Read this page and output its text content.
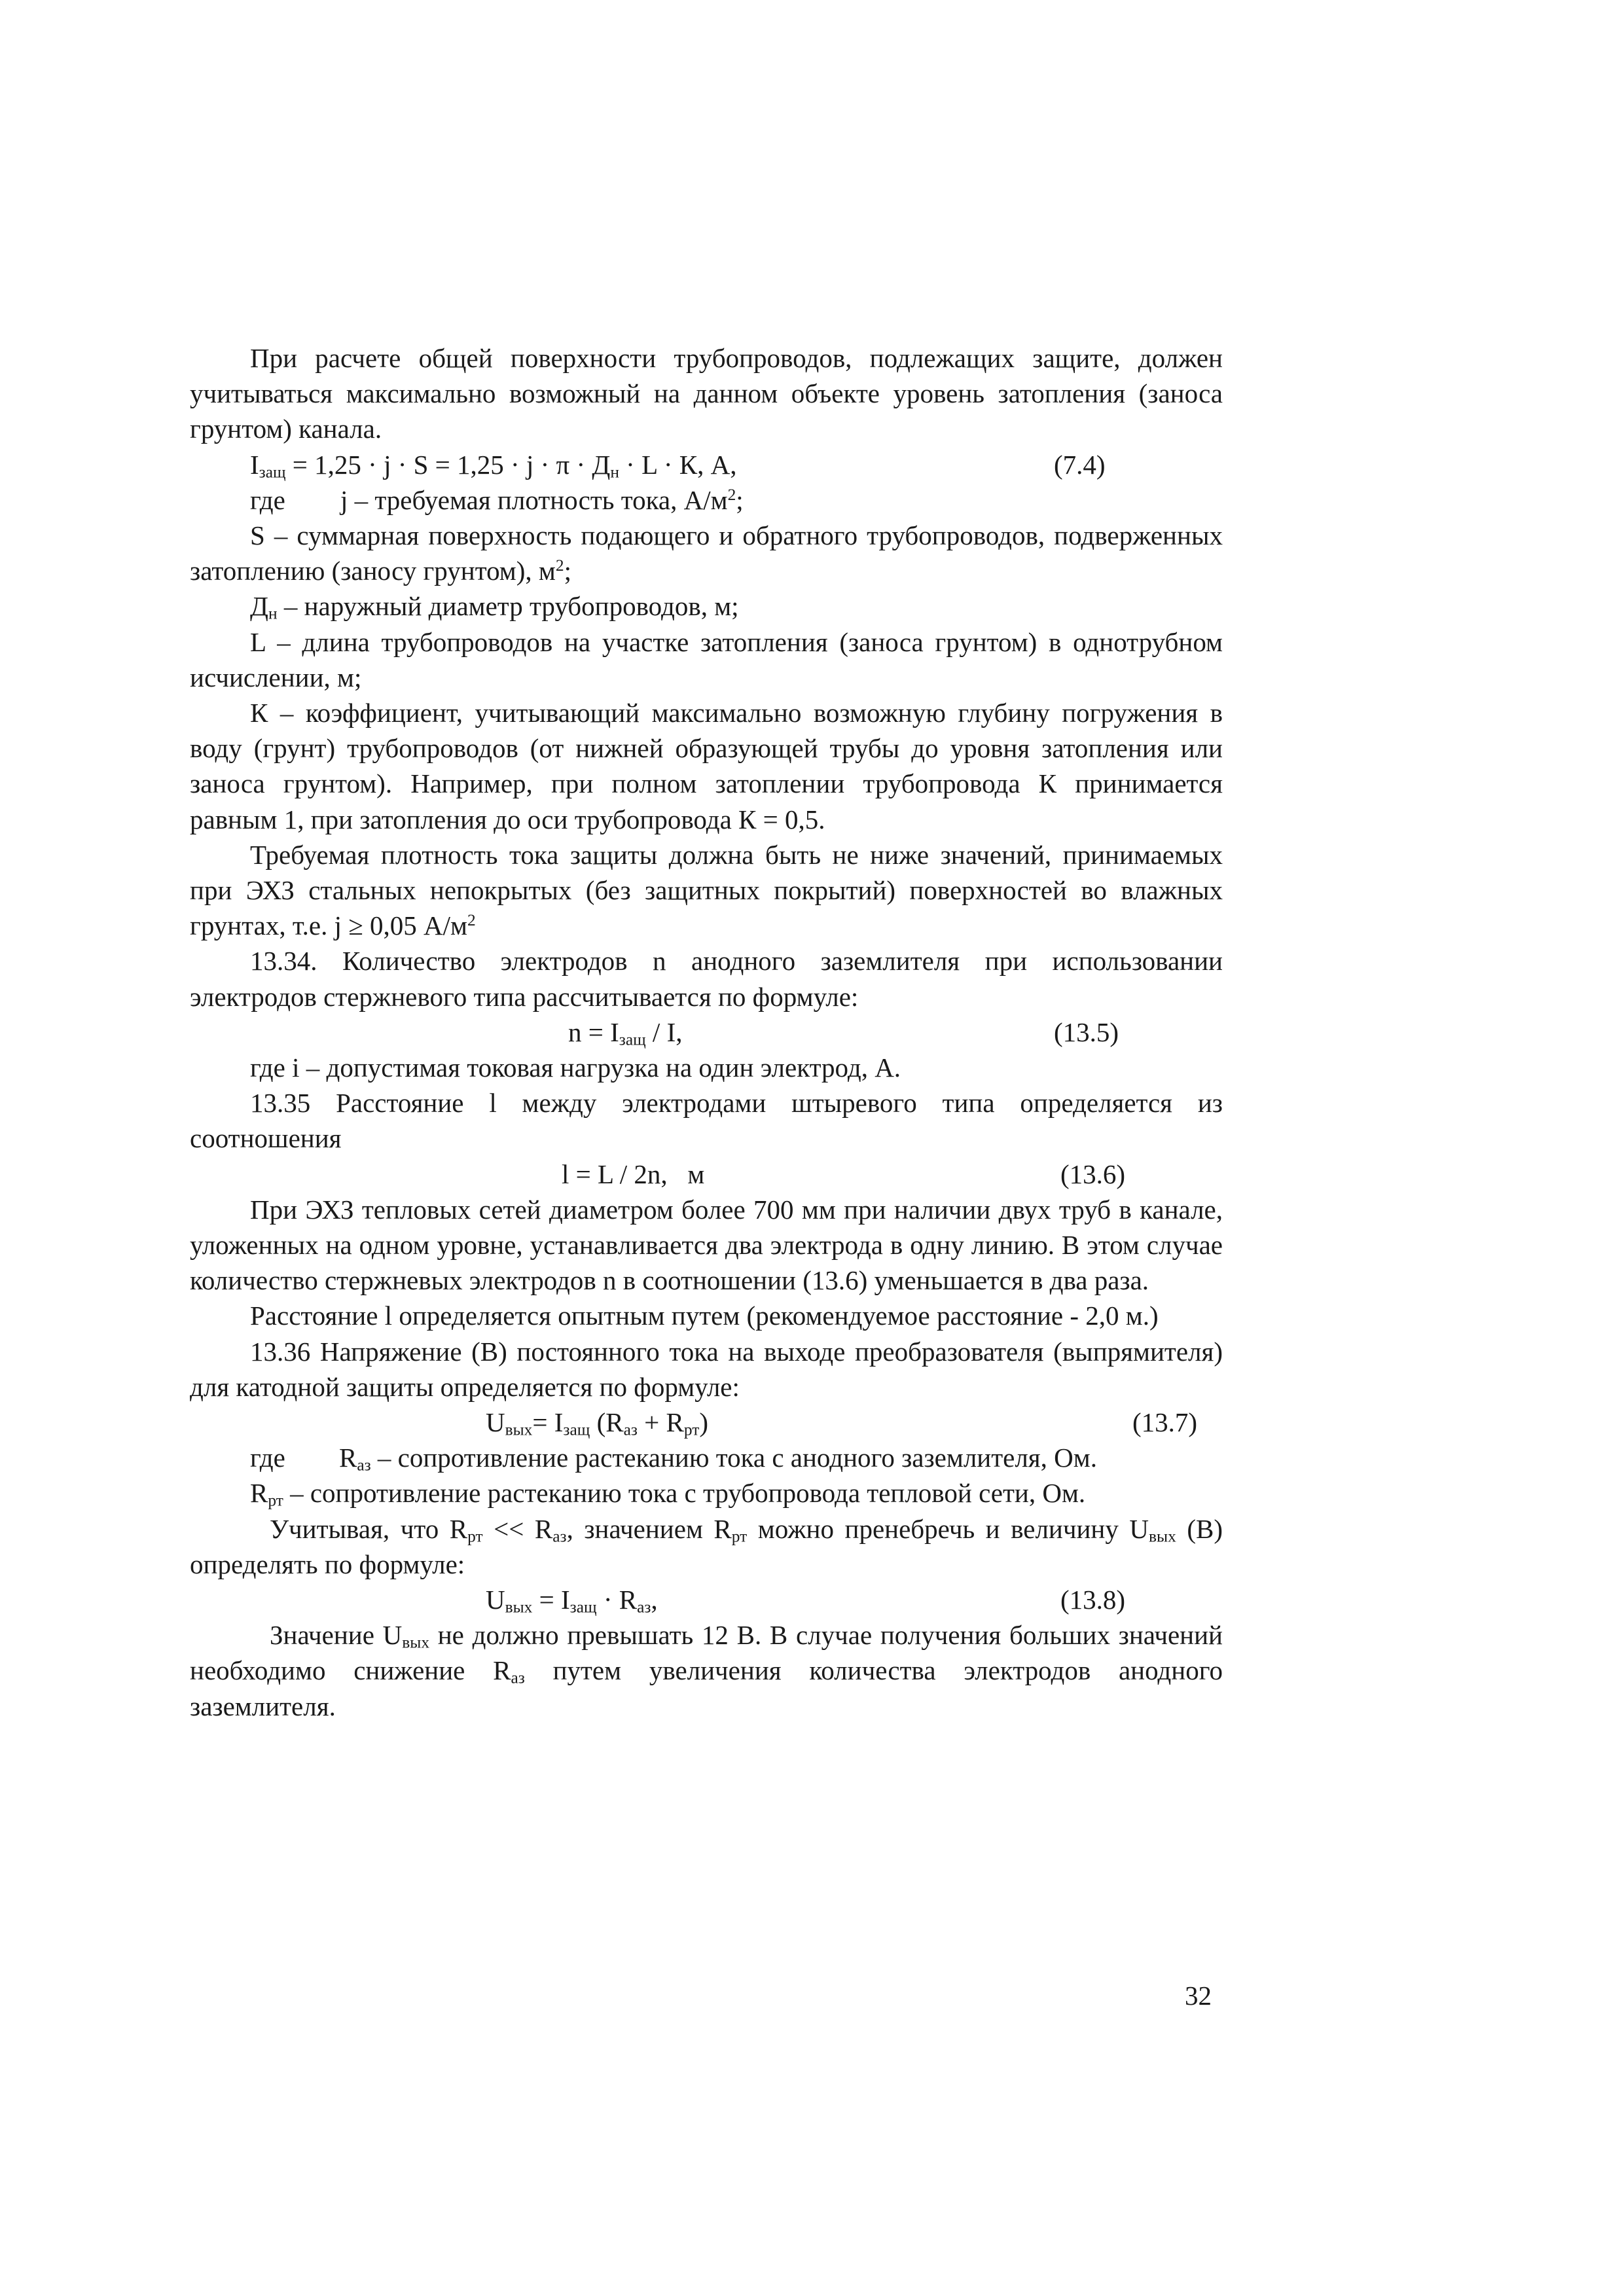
При расчете общей поверхности трубопроводов, подлежащих защите, должен учитываться максимально возможный на данном объекте уровень затопления (заноса грунтом) канала.

$I_{защ} = 1,25 \cdot j \cdot S = 1,25 \cdot j \cdot \pi \cdot Д_н \cdot L \cdot К$, А,	(7.4)
где j – требуемая плотность тока, $А/м^2$;

S – суммарная поверхность подающего и обратного трубопроводов, подверженных затоплению (заносу грунтом), $м^2$;

$Д_н$ – наружный диаметр трубопроводов, м;

L – длина трубопроводов на участке затопления (заноса грунтом) в однотрубном исчислении, м;

К – коэффициент, учитывающий максимально возможную глубину погружения в воду (грунт) трубопроводов (от нижней образующей трубы до уровня затопления или заноса грунтом). Например, при полном затоплении трубопровода К принимается равным 1, при затопления до оси трубопровода К = 0,5.

Требуемая плотность тока защиты должна быть не ниже значений, принимаемых при ЭХЗ стальных непокрытых (без защитных покрытий) поверхностей во влажных грунтах, т.е. j ≥ 0,05 $А/м^2$

13.34. Количество электродов n анодного заземлителя при использовании электродов стержневого типа рассчитывается по формуле:

$n = I_{защ} / I$,	(13.5)

где i – допустимая токовая нагрузка на один электрод, А.

13.35 Расстояние l между электродами штыревого типа определяется из соотношения

l = L / 2n,   м	(13.6)

При ЭХЗ тепловых сетей диаметром более 700 мм при наличии двух труб в канале, уложенных на одном уровне, устанавливается два электрода в одну линию. В этом случае количество стержневых электродов n в соотношении (13.6) уменьшается в два раза.

Расстояние l определяется опытным путем (рекомендуемое расстояние - 2,0 м.)

13.36 Напряжение (В) постоянного тока на выходе преобразователя (выпрямителя) для катодной защиты определяется по формуле:

$U_{вых}= I_{защ}$ $(R_{аз} + R_{рт})$	(13.7)
где $R_{аз}$ – сопротивление растеканию тока с анодного заземлителя, Ом.

$R_{рт}$ – сопротивление растеканию тока с трубопровода тепловой сети, Ом.

Учитывая, что $R_{рт} << R_{аз}$, значением $R_{рт}$ можно пренебречь и величину $U_{вых}$ (В) определять по формуле:

$U_{вых} = I_{защ} \cdot R_{аз}$,	(13.8)

Значение $U_{вых}$ не должно превышать 12 В. В случае получения больших значений необходимо снижение $R_{аз}$ путем увеличения количества электродов анодного заземлителя.

32
